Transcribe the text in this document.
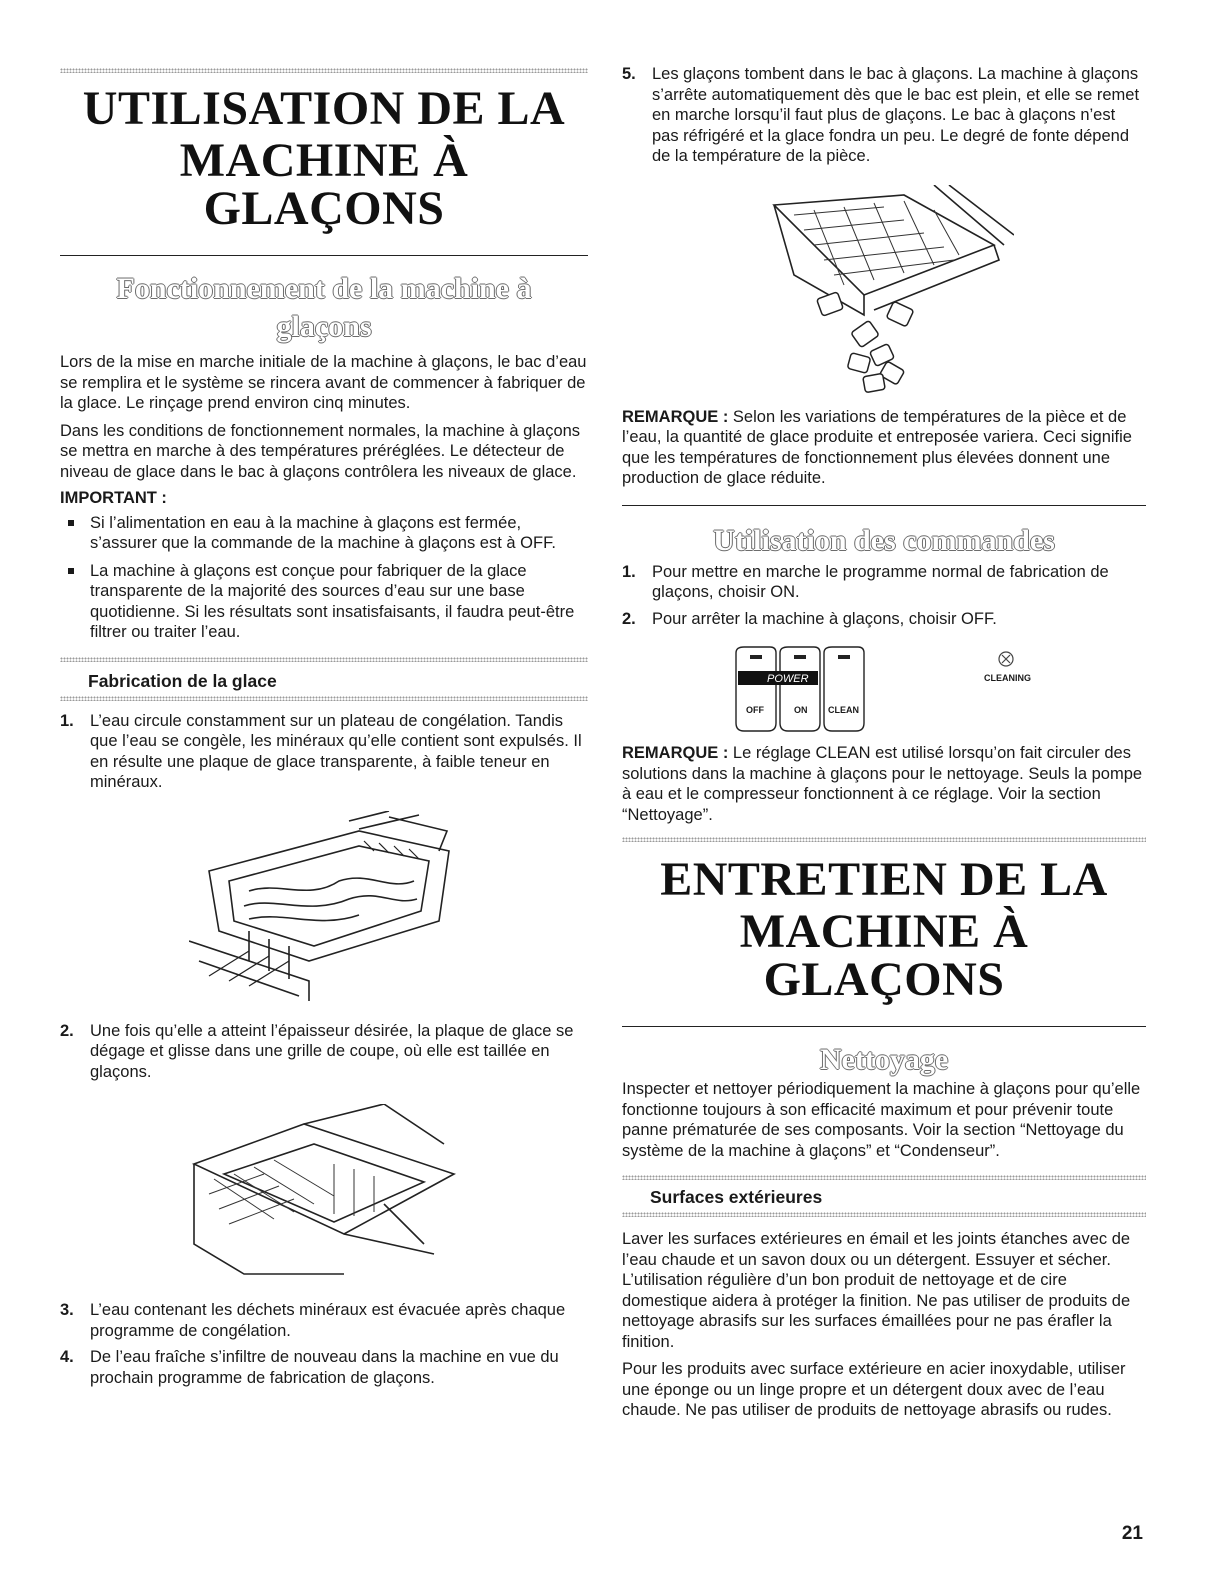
UTILISATION DE LA
MACHINE À GLAÇONS
Fonctionnement de la machine à
glaçons

Lors de la mise en marche initiale de la machine à glaçons, le bac d’eau se remplira et le système se rincera avant de commencer à fabriquer de la glace. Le rinçage prend environ cinq minutes.

Dans les conditions de fonctionnement normales, la machine à glaçons se mettra en marche à des températures préréglées. Le détecteur de niveau de glace dans le bac à glaçons contrôlera les niveaux de glace.

IMPORTANT :

Si l’alimentation en eau à la machine à glaçons est fermée, s’assurer que la commande de la machine à glaçons est à OFF.
La machine à glaçons est conçue pour fabriquer de la glace transparente de la majorité des sources d’eau sur une base quotidienne. Si les résultats sont insatisfaisants, il faudra peut-être filtrer ou traiter l’eau.
Fabrication de la glace
1. L’eau circule constamment sur un plateau de congélation. Tandis que l’eau se congèle, les minéraux qu’elle contient sont expulsés. Il en résulte une plaque de glace transparente, à faible teneur en minéraux.
2. Une fois qu’elle a atteint l’épaisseur désirée, la plaque de glace se dégage et glisse dans une grille de coupe, où elle est taillée en glaçons.
3. L’eau contenant les déchets minéraux est évacuée après chaque programme de congélation.
4. De l’eau fraîche s’infiltre de nouveau dans la machine en vue du prochain programme de fabrication de glaçons.
5. Les glaçons tombent dans le bac à glaçons. La machine à glaçons s’arrête automatiquement dès que le bac est plein, et elle se remet en marche lorsqu’il faut plus de glaçons. Le bac à glaçons n’est pas réfrigéré et la glace fondra un peu. Le degré de fonte dépend de la température de la pièce.

REMARQUE : Selon les variations de températures de la pièce et de l’eau, la quantité de glace produite et entreposée variera. Ceci signifie que les températures de fonctionnement plus élevées donnent une production de glace réduite.

Utilisation des commandes
1. Pour mettre en marche le programme normal de fabrication de glaçons, choisir ON.
2. Pour arrêter la machine à glaçons, choisir OFF.
POWER
OFF	ON CLEAN
CLEANING

REMARQUE : Le réglage CLEAN est utilisé lorsqu’on fait circuler des solutions dans la machine à glaçons pour le nettoyage. Seuls la pompe à eau et le compresseur fonctionnent à ce réglage. Voir la section “Nettoyage”.

ENTRETIEN DE LA
MACHINE À GLAÇONS
Nettoyage

Inspecter et nettoyer périodiquement la machine à glaçons pour qu’elle fonctionne toujours à son efficacité maximum et pour prévenir toute panne prématurée de ses composants. Voir la section “Nettoyage du système de la machine à glaçons” et “Condenseur”.

Surfaces extérieures

Laver les surfaces extérieures en émail et les joints étanches avec de l’eau chaude et un savon doux ou un détergent. Essuyer et sécher. L’utilisation régulière d’un bon produit de nettoyage et de cire domestique aidera à protéger la finition. Ne pas utiliser de produits de nettoyage abrasifs sur les surfaces émaillées pour ne pas érafler la finition.

Pour les produits avec surface extérieure en acier inoxydable, utiliser une éponge ou un linge propre et un détergent doux avec de l’eau chaude. Ne pas utiliser de produits de nettoyage abrasifs ou rudes.

21
